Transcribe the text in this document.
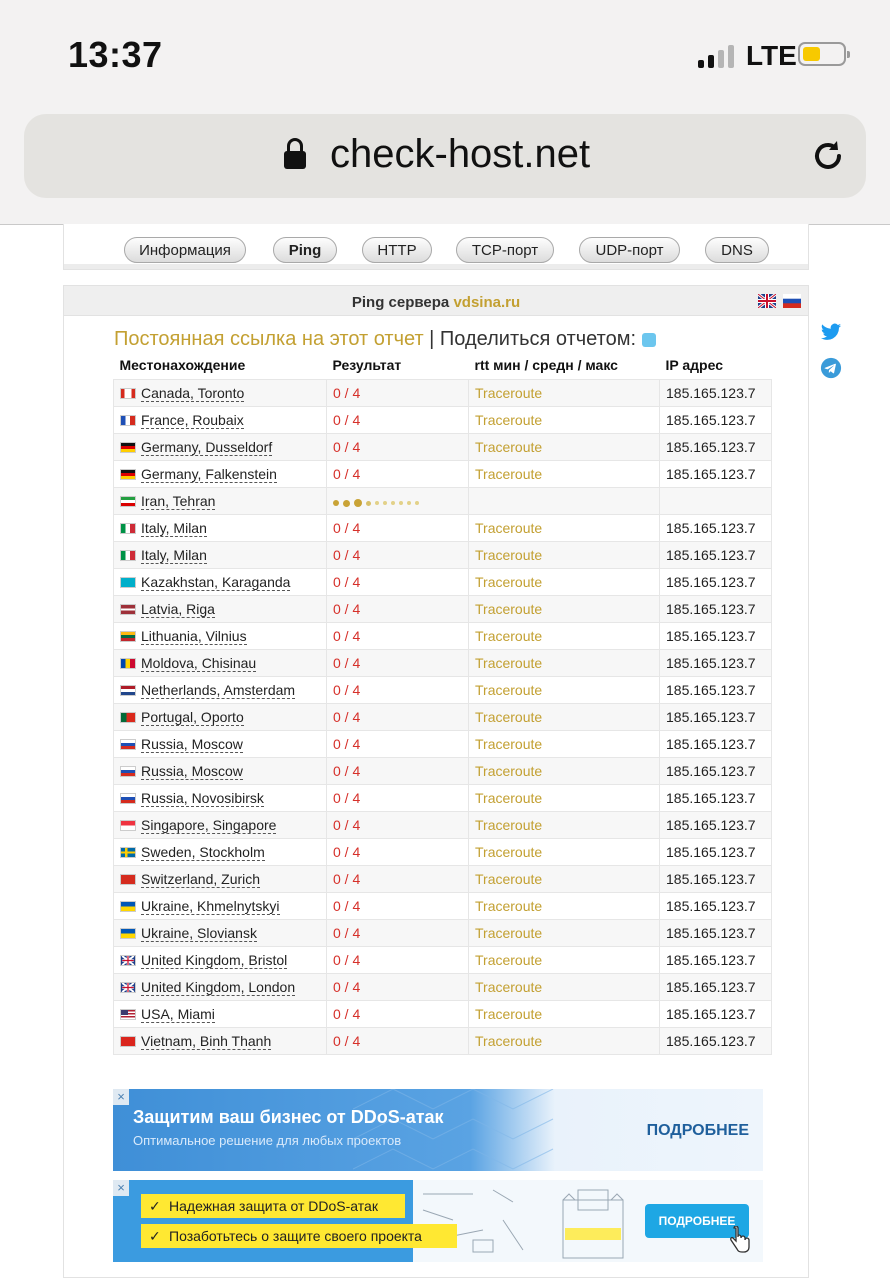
13:37	LTE
check-host.net
Информация	Ping	HTTP	TCP-порт	UDP-порт	DNS
Ping сервера vdsina.ru
Постоянная ссылка на этот отчет | Поделиться отчетом:
Местонахождение	Результат	rtt мин / средн / макс	IP адрес
Canada, Toronto	0 / 4	Traceroute	185.165.123.7
France, Roubaix	0 / 4	Traceroute	185.165.123.7
Germany, Dusseldorf	0 / 4	Traceroute	185.165.123.7
Germany, Falkenstein	0 / 4	Traceroute	185.165.123.7
Iran, Tehran	

Italy, Milan	0 / 4	Traceroute	185.165.123.7
Italy, Milan	0 / 4	Traceroute	185.165.123.7
Kazakhstan, Karaganda	0 / 4	Traceroute	185.165.123.7
Latvia, Riga	0 / 4	Traceroute	185.165.123.7
Lithuania, Vilnius	0 / 4	Traceroute	185.165.123.7
Moldova, Chisinau	0 / 4	Traceroute	185.165.123.7
Netherlands, Amsterdam	0 / 4	Traceroute	185.165.123.7
Portugal, Oporto	0 / 4	Traceroute	185.165.123.7
Russia, Moscow	0 / 4	Traceroute	185.165.123.7
Russia, Moscow	0 / 4	Traceroute	185.165.123.7
Russia, Novosibirsk	0 / 4	Traceroute	185.165.123.7
Singapore, Singapore	0 / 4	Traceroute	185.165.123.7
Sweden, Stockholm	0 / 4	Traceroute	185.165.123.7
Switzerland, Zurich	0 / 4	Traceroute	185.165.123.7
Ukraine, Khmelnytskyi	0 / 4	Traceroute	185.165.123.7
Ukraine, Sloviansk	0 / 4	Traceroute	185.165.123.7

United Kingdom, Bristol	0 / 4	Traceroute	185.165.123.7

United Kingdom, London	0 / 4	Traceroute	185.165.123.7

USA, Miami	0 / 4	Traceroute	185.165.123.7
Vietnam, Binh Thanh	0 / 4	Traceroute	185.165.123.7
×
Защитим ваш бизнес от DDoS-атак
Оптимальное решение для любых проектов
ПОДРОБНЕЕ
×
✓ Надежная защита от DDoS-атак
✓ Позаботьтесь о защите своего проекта
ПОДРОБНЕЕ
